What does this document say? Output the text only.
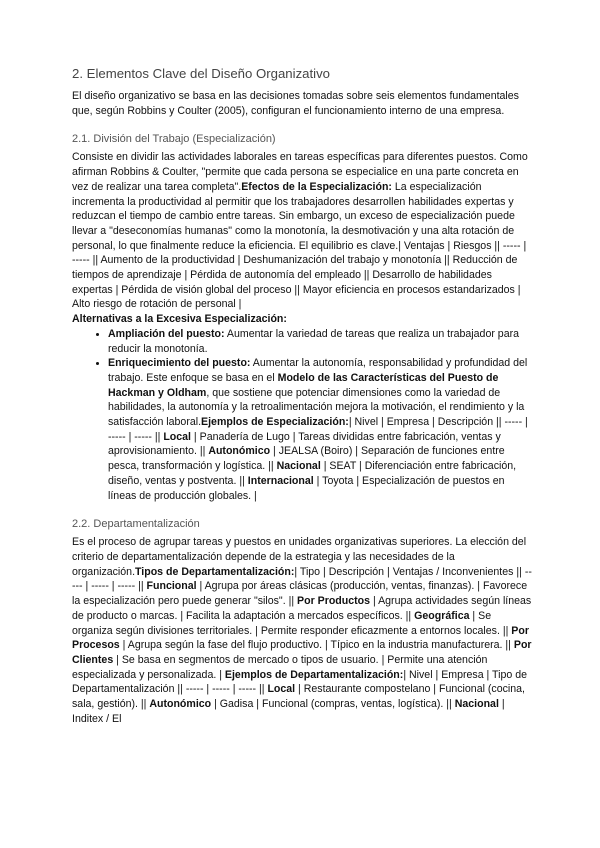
2. Elementos Clave del Diseño Organizativo

El diseño organizativo se basa en las decisiones tomadas sobre seis elementos fundamentales que, según Robbins y Coulter (2005), configuran el funcionamiento interno de una empresa.

2.1. División del Trabajo (Especialización)

Consiste en dividir las actividades laborales en tareas específicas para diferentes puestos. Como afirman Robbins & Coulter, "permite que cada persona se especialice en una parte concreta en vez de realizar una tarea completa".Efectos de la Especialización: La especialización incrementa la productividad al permitir que los trabajadores desarrollen habilidades expertas y reduzcan el tiempo de cambio entre tareas. Sin embargo, un exceso de especialización puede llevar a "deseconomías humanas" como la monotonía, la desmotivación y una alta rotación de personal, lo que finalmente reduce la eficiencia. El equilibrio es clave.| Ventajas | Riesgos || ----- | ----- || Aumento de la productividad | Deshumanización del trabajo y monotonía || Reducción de tiempos de aprendizaje | Pérdida de autonomía del empleado || Desarrollo de habilidades expertas | Pérdida de visión global del proceso || Mayor eficiencia en procesos estandarizados | Alto riesgo de rotación de personal |

Alternativas a la Excesiva Especialización:

• Ampliación del puesto: Aumentar la variedad de tareas que realiza un trabajador para reducir la monotonía.
• Enriquecimiento del puesto: Aumentar la autonomía, responsabilidad y profundidad del trabajo. Este enfoque se basa en el Modelo de las Características del Puesto de Hackman y Oldham, que sostiene que potenciar dimensiones como la variedad de habilidades, la autonomía y la retroalimentación mejora la motivación, el rendimiento y la satisfacción laboral.Ejemplos de Especialización:| Nivel | Empresa | Descripción || ----- | ----- | ----- || Local | Panadería de Lugo | Tareas divididas entre fabricación, ventas y aprovisionamiento. || Autonómico | JEALSA (Boiro) | Separación de funciones entre pesca, transformación y logística. || Nacional | SEAT | Diferenciación entre fabricación, diseño, ventas y postventa. || Internacional | Toyota | Especialización de puestos en líneas de producción globales. |
2.2. Departamentalización

Es el proceso de agrupar tareas y puestos en unidades organizativas superiores. La elección del criterio de departamentalización depende de la estrategia y las necesidades de la organización.Tipos de Departamentalización:| Tipo | Descripción | Ventajas / Inconvenientes || ----- | ----- | ----- || Funcional | Agrupa por áreas clásicas (producción, ventas, finanzas). | Favorece la especialización pero puede generar "silos". || Por Productos | Agrupa actividades según líneas de producto o marcas. | Facilita la adaptación a mercados específicos. || Geográfica | Se organiza según divisiones territoriales. | Permite responder eficazmente a entornos locales. || Por Procesos | Agrupa según la fase del flujo productivo. | Típico en la industria manufacturera. || Por Clientes | Se basa en segmentos de mercado o tipos de usuario. | Permite una atención especializada y personalizada. | Ejemplos de Departamentalización:| Nivel | Empresa | Tipo de Departamentalización || ----- | ----- | ----- || Local | Restaurante compostelano | Funcional (cocina, sala, gestión). || Autonómico | Gadisa | Funcional (compras, ventas, logística). || Nacional | Inditex / El
